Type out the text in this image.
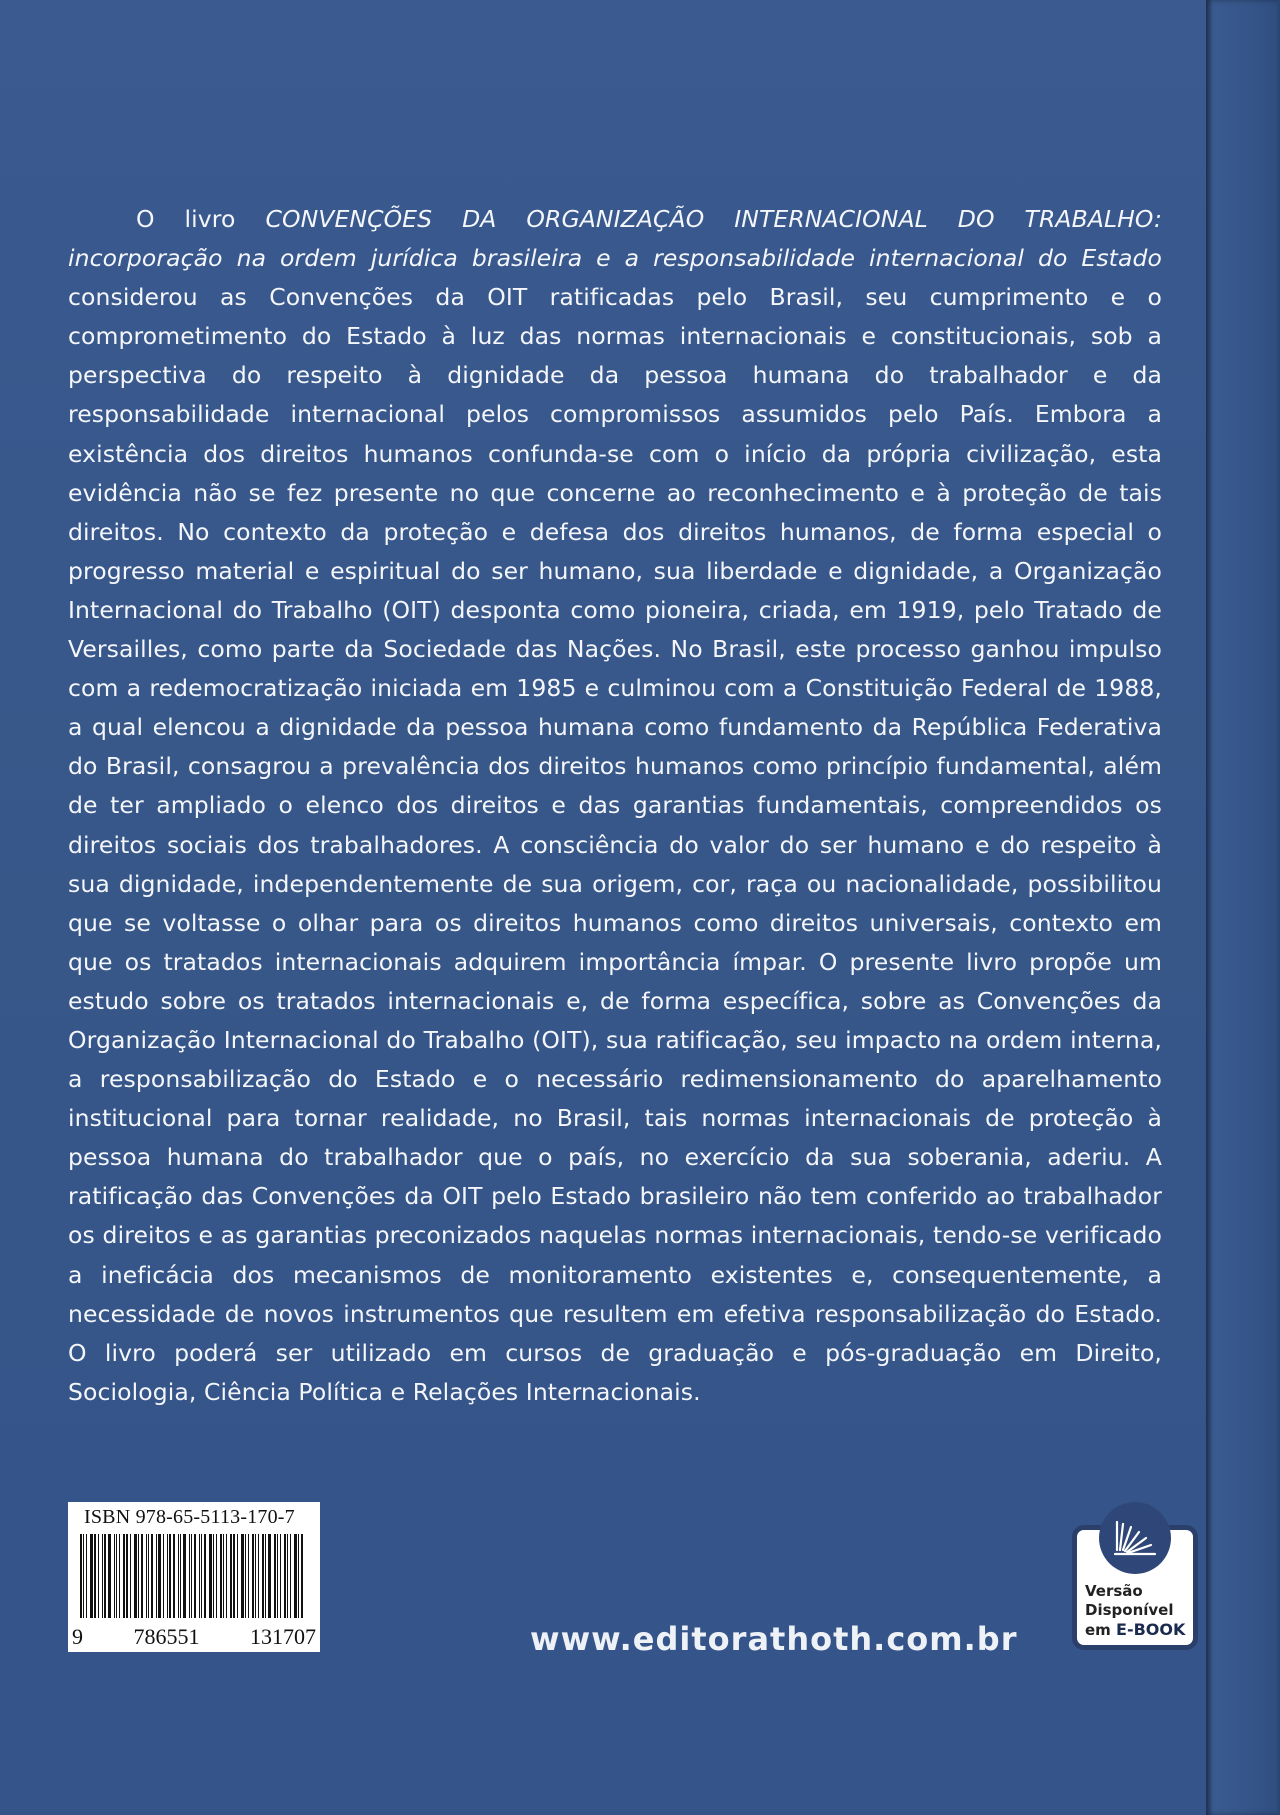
O livro CONVENÇÕES DA ORGANIZAÇÃO INTERNACIONAL DO TRABALHO: incorporação na ordem jurídica brasileira e a responsabilidade internacional do Estado considerou as Convenções da OIT ratificadas pelo Brasil, seu cumprimento e o comprometimento do Estado à luz das normas internacionais e constitucionais, sob a perspectiva do respeito à dignidade da pessoa humana do trabalhador e da responsabilidade internacional pelos compromissos assumidos pelo País. Embora a existência dos direitos humanos confunda-se com o início da própria civilização, esta evidência não se fez presente no que concerne ao reconhecimento e à proteção de tais direitos. No contexto da proteção e defesa dos direitos humanos, de forma especial o progresso material e espiritual do ser humano, sua liberdade e dignidade, a Organização Internacional do Trabalho (OIT) desponta como pioneira, criada, em 1919, pelo Tratado de Versailles, como parte da Sociedade das Nações. No Brasil, este processo ganhou impulso com a redemocratização iniciada em 1985 e culminou com a Constituição Federal de 1988, a qual elencou a dignidade da pessoa humana como fundamento da República Federativa do Brasil, consagrou a prevalência dos direitos humanos como princípio fundamental, além de ter ampliado o elenco dos direitos e das garantias fundamentais, compreendidos os direitos sociais dos trabalhadores. A consciência do valor do ser humano e do respeito à sua dignidade, independentemente de sua origem, cor, raça ou nacionalidade, possibilitou que se voltasse o olhar para os direitos humanos como direitos universais, contexto em que os tratados internacionais adquirem importância ímpar. O presente livro propõe um estudo sobre os tratados internacionais e, de forma específica, sobre as Convenções da Organização Internacional do Trabalho (OIT), sua ratificação, seu impacto na ordem interna, a responsabilização do Estado e o necessário redimensionamento do aparelhamento institucional para tornar realidade, no Brasil, tais normas internacionais de proteção à pessoa humana do trabalhador que o país, no exercício da sua soberania, aderiu. A ratificação das Convenções da OIT pelo Estado brasileiro não tem conferido ao trabalhador os direitos e as garantias preconizados naquelas normas internacionais, tendo-se verificado a ineficácia dos mecanismos de monitoramento existentes e, consequentemente, a necessidade de novos instrumentos que resultem em efetiva responsabilização do Estado. O livro poderá ser utilizado em cursos de graduação e pós-graduação em Direito, Sociologia, Ciência Política e Relações Internacionais.

ISBN 978-65-5113-170-7
9 786551 131707	www.editorathoth.com.br
Versão
Disponível
em E-BOOK
